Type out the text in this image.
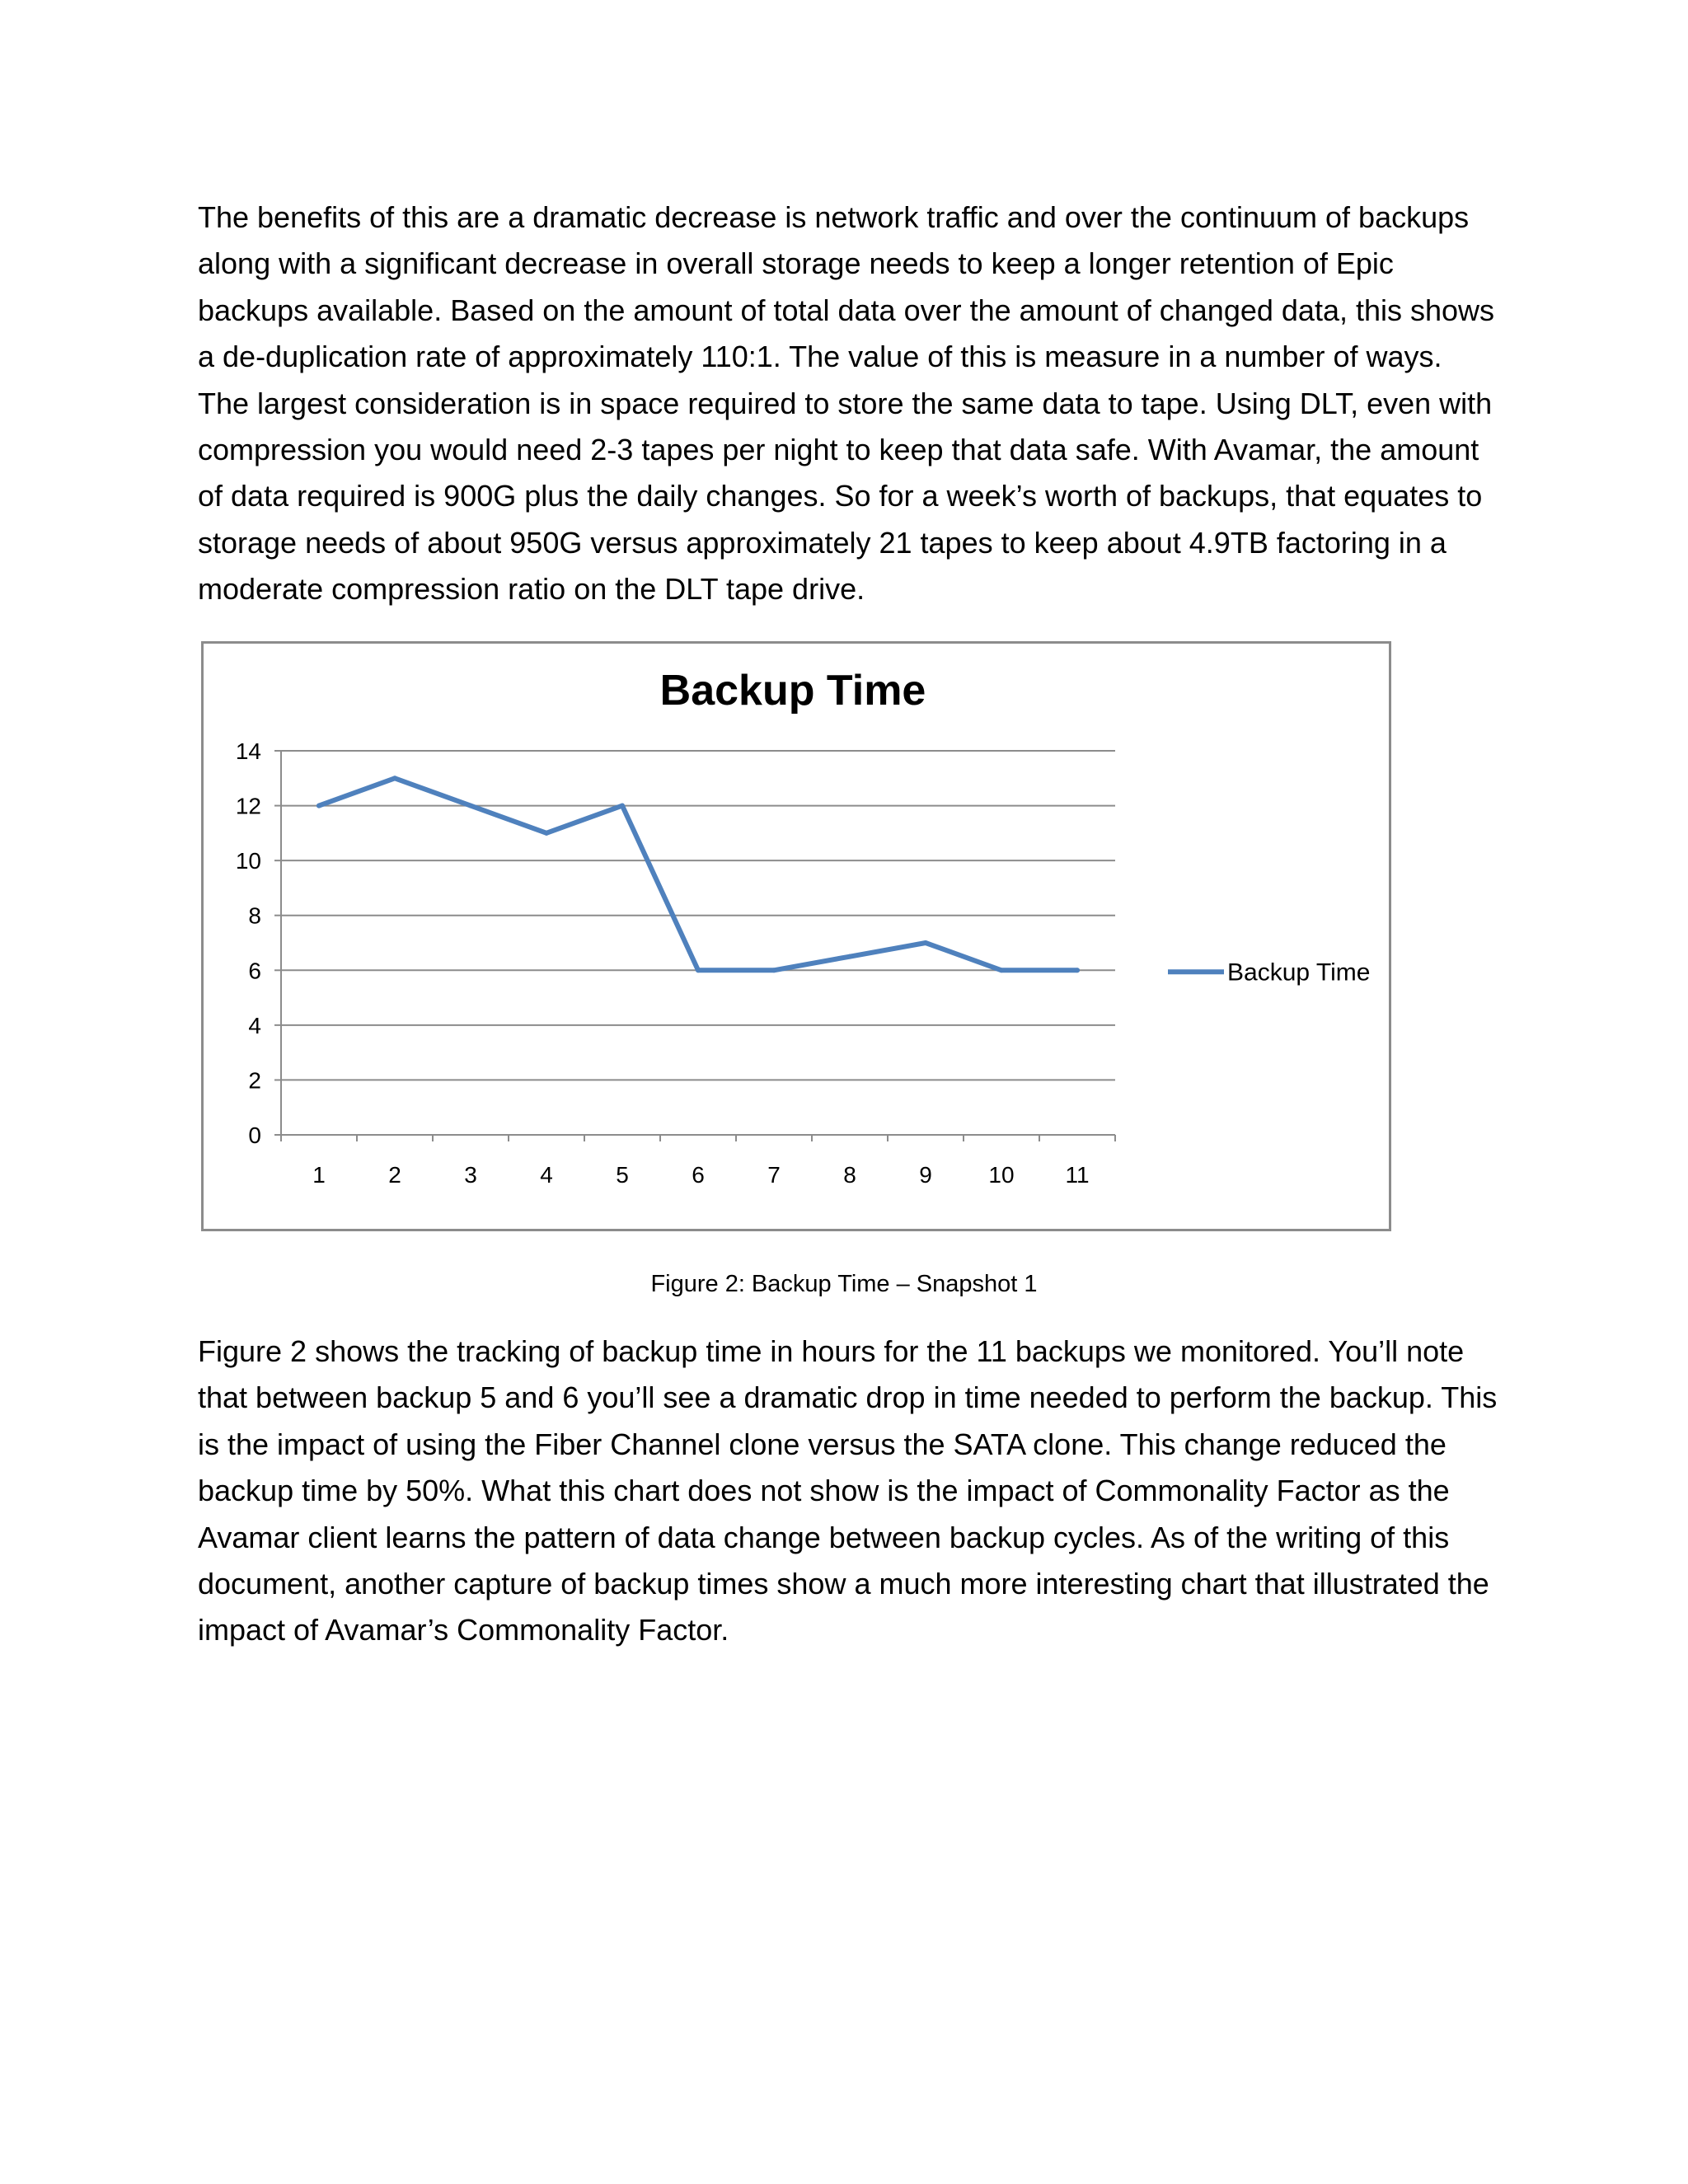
The benefits of this are a dramatic decrease is network traffic and over the continuum of backups along with a significant decrease in overall storage needs to keep a longer retention of Epic backups available. Based on the amount of total data over the amount of changed data, this shows a de-duplication rate of approximately 110:1. The value of this is measure in a number of ways. The largest consideration is in space required to store the same data to tape. Using DLT, even with compression you would need 2-3 tapes per night to keep that data safe. With Avamar, the amount of data required is 900G plus the daily changes. So for a week’s worth of backups, that equates to storage needs of about 950G versus approximately 21 tapes to keep about 4.9TB factoring in a moderate compression ratio on the DLT tape drive.

Backup Time
0
2
4
6
8
10
12
14
1	2	3	4	5	6	7	8	9 10 11
Backup Time
Figure 2: Backup Time – Snapshot 1

Figure 2 shows the tracking of backup time in hours for the 11 backups we monitored. You’ll note that between backup 5 and 6 you’ll see a dramatic drop in time needed to perform the backup. This is the impact of using the Fiber Channel clone versus the SATA clone. This change reduced the backup time by 50%. What this chart does not show is the impact of Commonality Factor as the Avamar client learns the pattern of data change between backup cycles. As of the writing of this document, another capture of backup times show a much more interesting chart that illustrated the impact of Avamar’s Commonality Factor.
